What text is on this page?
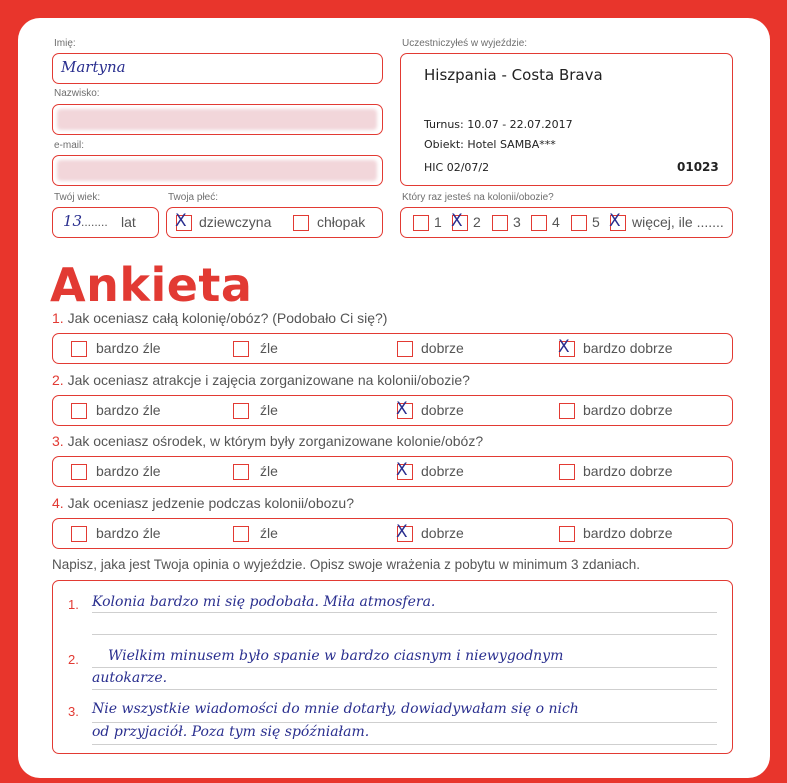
Imię:
Martyna
Nazwisko:
e-mail:
Twój wiek:
13
........ lat
Twoja płeć:
X dziewczyna	chłopak
Uczestniczyłeś w wyjeździe:
Hiszpania - Costa Brava
Turnus: 10.07 - 22.07.2017
Obiekt: Hotel SAMBA***
HIC 02/07/2	01023
Który raz jesteś na kolonii/obozie?
1 X 2 3 4 5 X więcej, ile .......
Ankieta
1. Jak oceniasz całą kolonię/obóz? (Podobało Ci się?)
bardzo źle	źle	dobrze	X bardzo dobrze
2. Jak oceniasz atrakcje i zajęcia zorganizowane na kolonii/obozie?
bardzo źle	źle	X dobrze	bardzo dobrze
3. Jak oceniasz ośrodek, w którym były zorganizowane kolonie/obóz?
bardzo źle	źle	X dobrze	bardzo dobrze
4. Jak oceniasz jedzenie podczas kolonii/obozu?
bardzo źle	źle	X dobrze	bardzo dobrze
Napisz, jaka jest Twoja opinia o wyjeździe. Opisz swoje wrażenia z pobytu w minimum 3 zdaniach.
1.
2.
3.
Kolonia bardzo mi się podobała. Miła atmosfera.
Wielkim minusem było spanie w bardzo ciasnym i niewygodnym
autokarze.
Nie wszystkie wiadomości do mnie dotarły, dowiadywałam się o nich
od przyjaciół. Poza tym się spóźniałam.
